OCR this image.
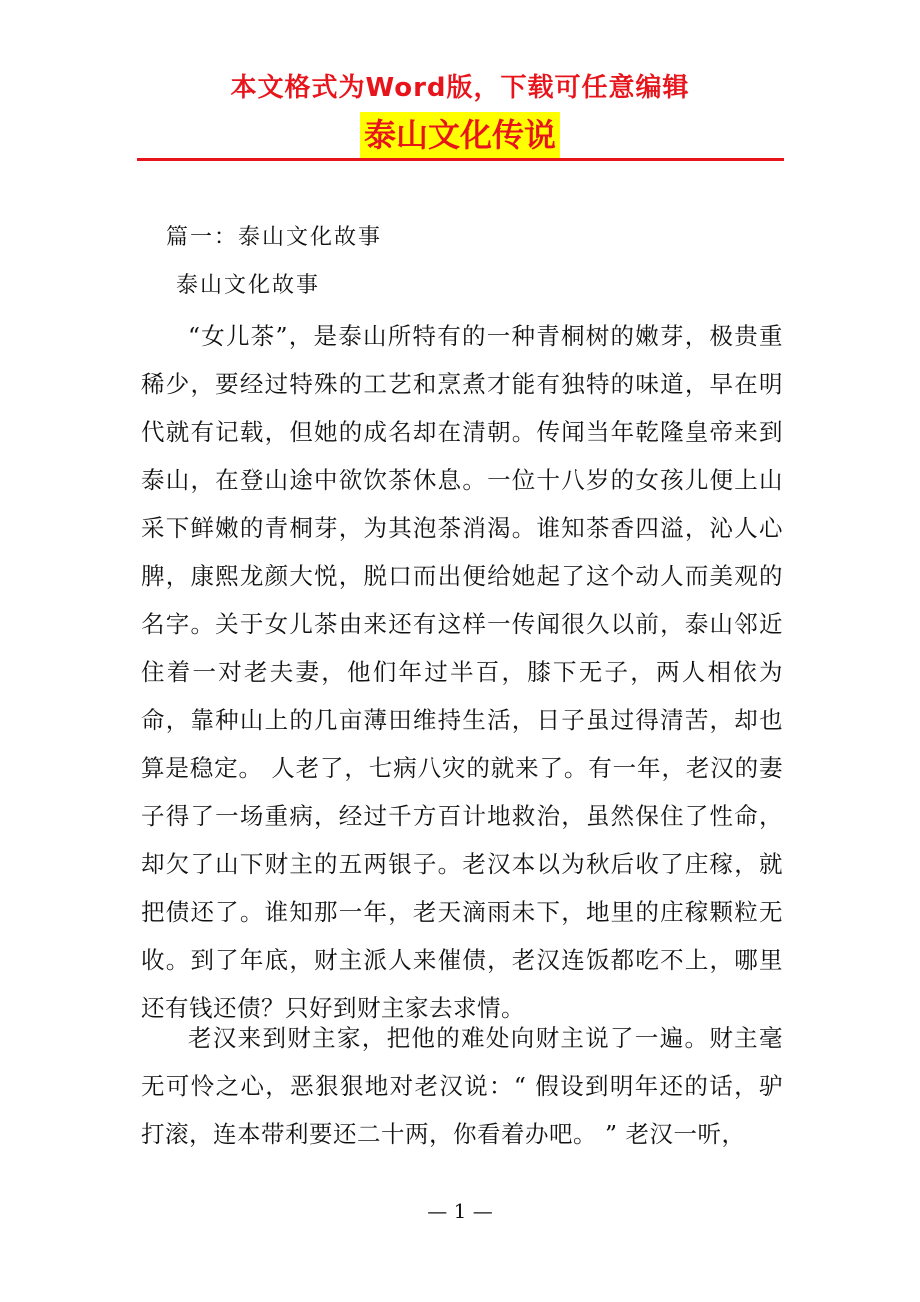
本文格式为Word版，下载可任意编辑
泰山文化传说
篇一：泰山文化故事
泰山文化故事

“女儿茶”，是泰山所特有的一种青桐树的嫩芽，极贵重稀少，要经过特殊的工艺和烹煮才能有独特的味道，早在明代就有记载，但她的成名却在清朝。传闻当年乾隆皇帝来到泰山，在登山途中欲饮茶休息。一位十八岁的女孩儿便上山采下鲜嫩的青桐芽，为其泡茶消渴。谁知茶香四溢，沁人心脾，康熙龙颜大悦，脱口而出便给她起了这个动人而美观的名字。关于女儿茶由来还有这样一传闻很久以前，泰山邻近住着一对老夫妻，他们年过半百，膝下无子，两人相依为命，靠种山上的几亩薄田维持生活，日子虽过得清苦，却也算是稳定。 人老了，七病八灾的就来了。有一年，老汉的妻子得了一场重病，经过千方百计地救治，虽然保住了性命，却欠了山下财主的五两银子。老汉本以为秋后收了庄稼，就把债还了。谁知那一年，老天滴雨未下，地里的庄稼颗粒无收。到了年底，财主派人来催债，老汉连饭都吃不上，哪里还有钱还债？只好到财主家去求情。

老汉来到财主家，把他的难处向财主说了一遍。财主毫无可怜之心，恶狠狠地对老汉说：“ 假设到明年还的话，驴打滚，连本带利要还二十两，你看着办吧。 ” 老汉一听，

— 1 —
